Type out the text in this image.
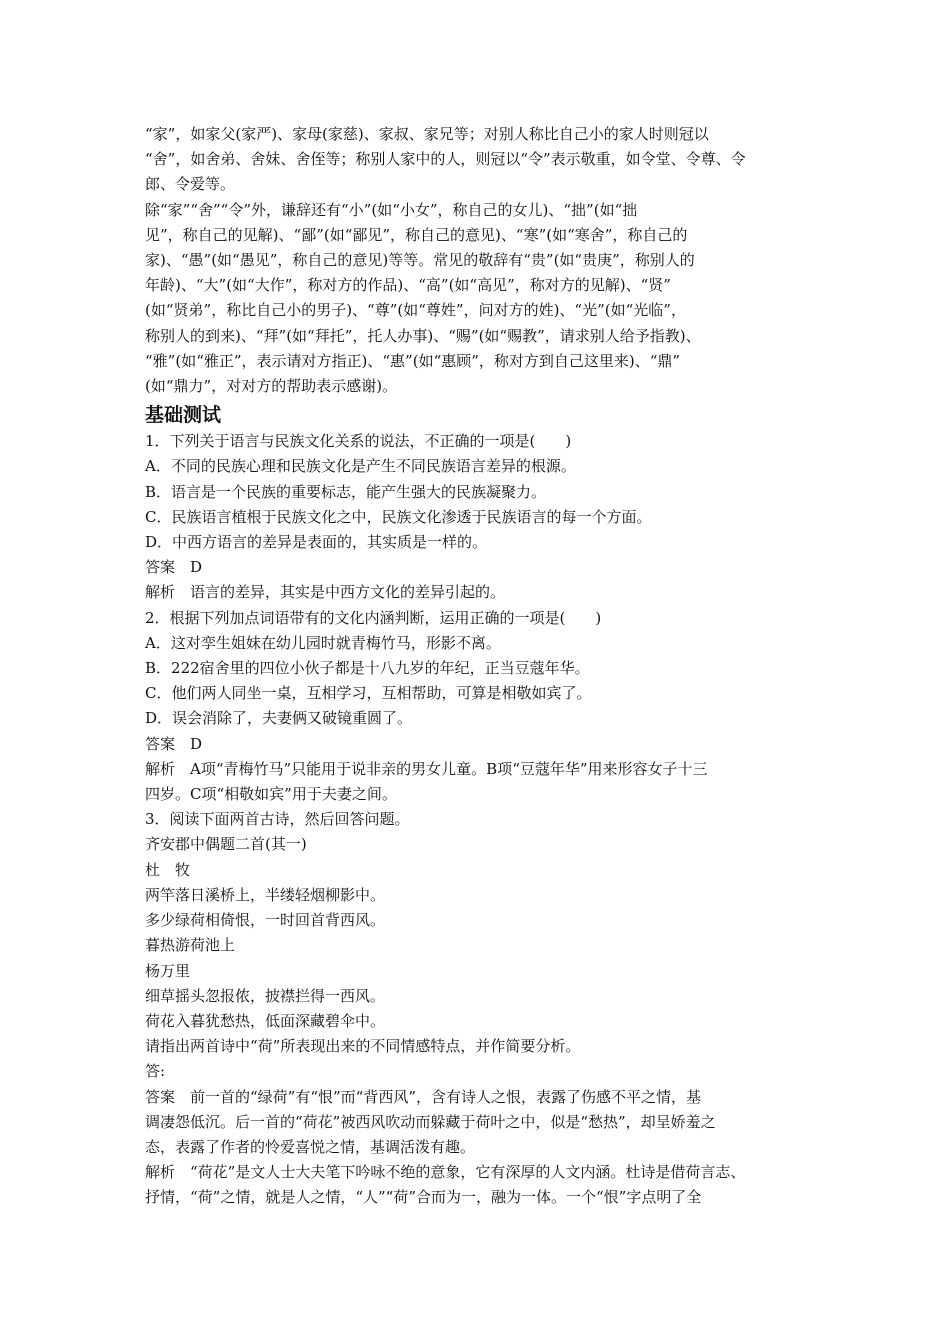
“家”，如家父(家严)、家母(家慈)、家叔、家兄等；对别人称比自己小的家人时则冠以
“舍”，如舍弟、舍妹、舍侄等；称别人家中的人，则冠以“令”表示敬重，如令堂、令尊、令
郎、令爱等。
除“家”“舍”“令”外，谦辞还有“小”(如“小女”，称自己的女儿)、“拙”(如“拙
见”，称自己的见解)、“鄙”(如“鄙见”，称自己的意见)、“寒”(如“寒舍”，称自己的
家)、“愚”(如“愚见”，称自己的意见)等等。常见的敬辞有“贵”(如“贵庚”，称别人的
年龄)、“大”(如“大作”，称对方的作品)、“高”(如“高见”，称对方的见解)、“贤”
(如“贤弟”，称比自己小的男子)、“尊”(如“尊姓”，问对方的姓)、“光”(如“光临”，
称别人的到来)、“拜”(如“拜托”，托人办事)、“赐”(如“赐教”，请求别人给予指教)、
“雅”(如“雅正”，表示请对方指正)、“惠”(如“惠顾”，称对方到自己这里来)、“鼎”
(如“鼎力”，对对方的帮助表示感谢)。
基础测试
1．下列关于语言与民族文化关系的说法，不正确的一项是(　　)
A．不同的民族心理和民族文化是产生不同民族语言差异的根源。
B．语言是一个民族的重要标志，能产生强大的民族凝聚力。
C．民族语言植根于民族文化之中，民族文化渗透于民族语言的每一个方面。
D．中西方语言的差异是表面的，其实质是一样的。
答案　D
解析　语言的差异，其实是中西方文化的差异引起的。
2．根据下列加点词语带有的文化内涵判断，运用正确的一项是(　　)
A．这对孪生姐妹在幼儿园时就青梅竹马，形影不离。
B．222宿舍里的四位小伙子都是十八九岁的年纪，正当豆蔻年华。
C．他们两人同坐一桌，互相学习，互相帮助，可算是相敬如宾了。
D．误会消除了，夫妻俩又破镜重圆了。
答案　D
解析　A项“青梅竹马”只能用于说非亲的男女儿童。B项“豆蔻年华”用来形容女子十三
四岁。C项“相敬如宾”用于夫妻之间。
3．阅读下面两首古诗，然后回答问题。
齐安郡中偶题二首(其一)
杜　牧
两竿落日溪桥上，半缕轻烟柳影中。
多少绿荷相倚恨，一时回首背西风。
暮热游荷池上
杨万里
细草摇头忽报侬，披襟拦得一西风。
荷花入暮犹愁热，低面深藏碧伞中。
请指出两首诗中“荷”所表现出来的不同情感特点，并作简要分析。
答:
答案　前一首的“绿荷”有“恨”而“背西风”，含有诗人之恨，表露了伤感不平之情，基
调凄怨低沉。后一首的“荷花”被西风吹动而躲藏于荷叶之中，似是“愁热”，却呈娇羞之
态，表露了作者的怜爱喜悦之情，基调活泼有趣。
解析　“荷花”是文人士大夫笔下吟咏不绝的意象，它有深厚的人文内涵。杜诗是借荷言志、
抒情，“荷”之情，就是人之情，“人”“荷”合而为一，融为一体。一个“恨”字点明了全
